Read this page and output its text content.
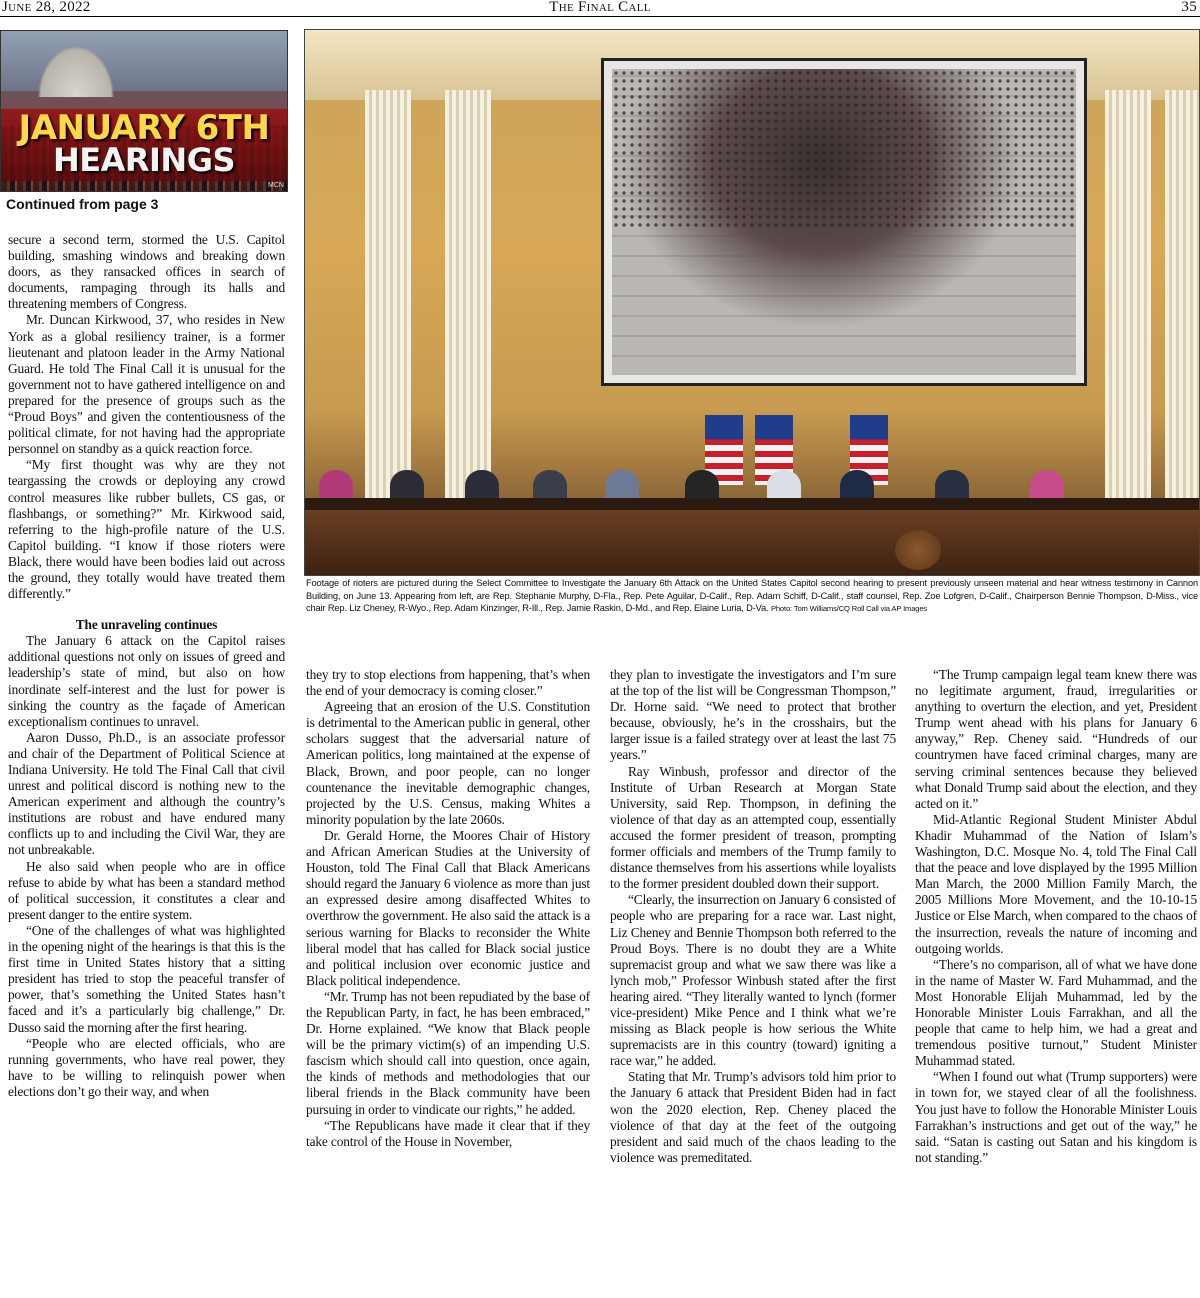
June 28, 2022	The Final Call	35
JANUARY 6TH
HEARINGS
MCN
Continued from page 3
Footage of rioters are pictured during the Select Committee to Investigate the January 6th Attack on the United States Capitol second hearing to present previously unseen material and hear witness testimony in Cannon Building, on June 13. Appearing from left, are Rep. Stephanie Murphy, D-Fla., Rep. Pete Aguilar, D-Calif., Rep. Adam Schiff, D-Calif., staff counsel, Rep. Zoe Lofgren, D-Calif., Chairperson Bennie Thompson, D-Miss., vice chair Rep. Liz Cheney, R-Wyo., Rep. Adam Kinzinger, R-Ill., Rep. Jamie Raskin, D-Md., and Rep. Elaine Luria, D-Va. Photo: Tom Williams/CQ Roll Call via AP Images

secure a second term, stormed the U.S. Capitol building, smashing windows and breaking down doors, as they ransacked offices in search of documents, rampaging through its halls and threatening members of Congress.

Mr. Duncan Kirkwood, 37, who resides in New York as a global resiliency trainer, is a former lieutenant and platoon leader in the Army National Guard. He told The Final Call it is unusual for the government not to have gathered intelligence on and prepared for the presence of groups such as the “Proud Boys” and given the contentiousness of the political climate, for not having had the appropriate personnel on standby as a quick reaction force.

“My first thought was why are they not teargassing the crowds or deploying any crowd control measures like rubber bullets, CS gas, or flashbangs, or something?” Mr. Kirkwood said, referring to the high-profile nature of the U.S. Capitol building. “I know if those rioters were Black, there would have been bodies laid out across the ground, they totally would have treated them differently.”

The unraveling continues

The January 6 attack on the Capitol raises additional questions not only on issues of greed and leadership’s state of mind, but also on how inordinate self-interest and the lust for power is sinking the country as the façade of American exceptionalism continues to unravel.

Aaron Dusso, Ph.D., is an associate professor and chair of the Department of Political Science at Indiana University. He told The Final Call that civil unrest and political discord is nothing new to the American experiment and although the country’s institutions are robust and have endured many conflicts up to and including the Civil War, they are not unbreakable.

He also said when people who are in office refuse to abide by what has been a standard method of political succession, it constitutes a clear and present danger to the entire system.

“One of the challenges of what was highlighted in the opening night of the hearings is that this is the first time in United States history that a sitting president has tried to stop the peaceful transfer of power, that’s something the United States hasn’t faced and it’s a particularly big challenge,” Dr. Dusso said the morning after the first hearing.

“People who are elected officials, who are running governments, who have real power, they have to be willing to relinquish power when elections don’t go their way, and when

they try to stop elections from happening, that’s when the end of your democracy is coming closer.”

Agreeing that an erosion of the U.S. Constitution is detrimental to the American public in general, other scholars suggest that the adversarial nature of American politics, long maintained at the expense of Black, Brown, and poor people, can no longer countenance the inevitable demographic changes, projected by the U.S. Census, making Whites a minority population by the late 2060s.

Dr. Gerald Horne, the Moores Chair of History and African American Studies at the University of Houston, told The Final Call that Black Americans should regard the January 6 violence as more than just an expressed desire among disaffected Whites to overthrow the government. He also said the attack is a serious warning for Blacks to reconsider the White liberal model that has called for Black social justice and political inclusion over economic justice and Black political independence.

“Mr. Trump has not been repudiated by the base of the Republican Party, in fact, he has been embraced,” Dr. Horne explained. “We know that Black people will be the primary victim(s) of an impending U.S. fascism which should call into question, once again, the kinds of methods and methodologies that our liberal friends in the Black community have been pursuing in order to vindicate our rights,” he added.

“The Republicans have made it clear that if they take control of the House in November,

they plan to investigate the investigators and I’m sure at the top of the list will be Congressman Thompson,” Dr. Horne said. “We need to protect that brother because, obviously, he’s in the crosshairs, but the larger issue is a failed strategy over at least the last 75 years.”

Ray Winbush, professor and director of the Institute of Urban Research at Morgan State University, said Rep. Thompson, in defining the violence of that day as an attempted coup, essentially accused the former president of treason, prompting former officials and members of the Trump family to distance themselves from his assertions while loyalists to the former president doubled down their support.

“Clearly, the insurrection on January 6 consisted of people who are preparing for a race war. Last night, Liz Cheney and Bennie Thompson both referred to the Proud Boys. There is no doubt they are a White supremacist group and what we saw there was like a lynch mob,” Professor Winbush stated after the first hearing aired. “They literally wanted to lynch (former vice-president) Mike Pence and I think what we’re missing as Black people is how serious the White supremacists are in this country (toward) igniting a race war,” he added.

Stating that Mr. Trump’s advisors told him prior to the January 6 attack that President Biden had in fact won the 2020 election, Rep. Cheney placed the violence of that day at the feet of the outgoing president and said much of the chaos leading to the violence was premeditated.

“The Trump campaign legal team knew there was no legitimate argument, fraud, irregularities or anything to overturn the election, and yet, President Trump went ahead with his plans for January 6 anyway,” Rep. Cheney said. “Hundreds of our countrymen have faced criminal charges, many are serving criminal sentences because they believed what Donald Trump said about the election, and they acted on it.”

Mid-Atlantic Regional Student Minister Abdul Khadir Muhammad of the Nation of Islam’s Washington, D.C. Mosque No. 4, told The Final Call that the peace and love displayed by the 1995 Million Man March, the 2000 Million Family March, the 2005 Millions More Movement, and the 10-10-15 Justice or Else March, when compared to the chaos of the insurrection, reveals the nature of incoming and outgoing worlds.

“There’s no comparison, all of what we have done in the name of Master W. Fard Muhammad, and the Most Honorable Elijah Muhammad, led by the Honorable Minister Louis Farrakhan, and all the people that came to help him, we had a great and tremendous positive turnout,” Student Minister Muhammad stated.

“When I found out what (Trump supporters) were in town for, we stayed clear of all the foolishness. You just have to follow the Honorable Minister Louis Farrakhan’s instructions and get out of the way,” he said. “Satan is casting out Satan and his kingdom is not standing.”
